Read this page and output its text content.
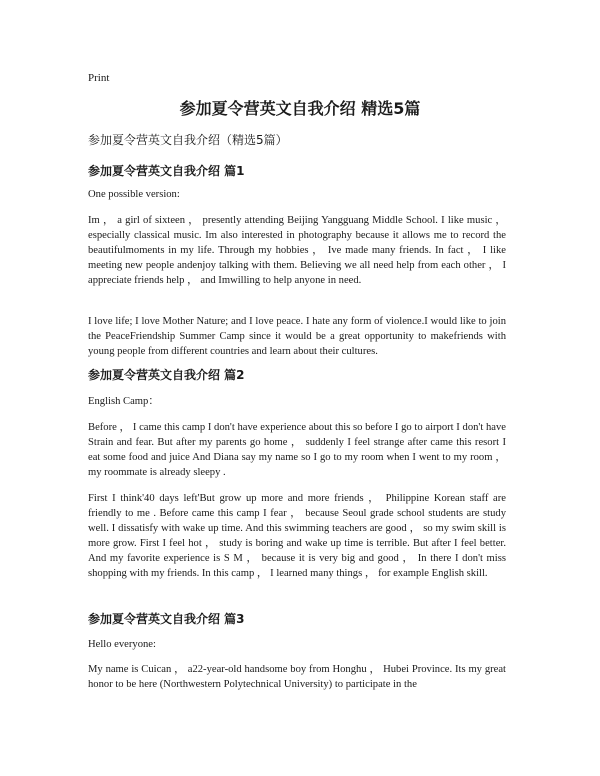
Print
参加夏令营英文自我介绍 精选5篇
参加夏令营英文自我介绍（精选5篇）
参加夏令营英文自我介绍 篇1

One possible version:

Im ， a girl of sixteen ， presently attending Beijing Yangguang Middle School. I like music ，especially classical music. Im also interested in photography because it allows me to record the beautifulmoments in my life. Through my hobbies ， Ive made many friends. In fact ， I like meeting new people andenjoy talking with them. Believing we all need help from each other ， I appreciate friends help ， and Imwilling to help anyone in need.

I love life; I love Mother Nature; and I love peace. I hate any form of violence.I would like to join the PeaceFriendship Summer Camp since it would be a great opportunity to makefriends with young people from different countries and learn about their cultures.

参加夏令营英文自我介绍 篇2

English Camp：

Before ， I came this camp I don't have experience about this so before I go to airport I don't have Strain and fear. But after my parents go home ， suddenly I feel strange after came this resort I eat some food and juice And Diana say my name so I go to my room when I went to my room ， my roommate is already sleepy .

First I think'40 days left'But grow up more and more friends ， Philippine Korean staff are friendly to me . Before came this camp I fear ， because Seoul grade school students are study well. I dissatisfy with wake up time. And this swimming teachers are good ， so my swim skill is more grow. First I feel hot ， study is boring and wake up time is terrible. But after I feel better. And my favorite experience is S M ， because it is very big and good ， In there I don't miss shopping with my friends. In this camp ， I learned many things ， for example English skill.

参加夏令营英文自我介绍 篇3

Hello everyone:

My name is Cuican ， a22-year-old handsome boy from Honghu ， Hubei Province. Its my great honor to be here (Northwestern Polytechnical University) to participate in the
